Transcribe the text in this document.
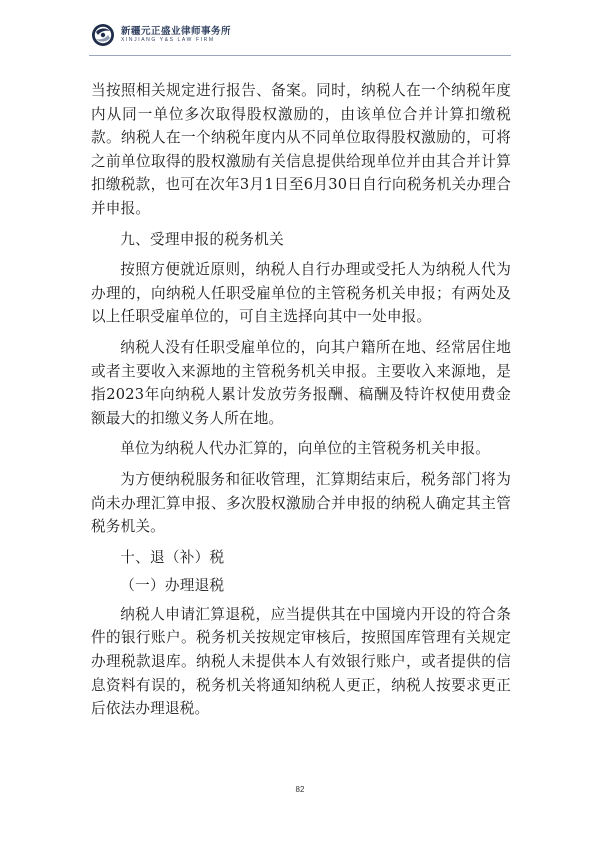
新疆元正盛业律师事务所
XINJIANG Y&S LAW FIRM

当按照相关规定进行报告、备案。同时，纳税人在一个纳税年度内从同一单位多次取得股权激励的，由该单位合并计算扣缴税款。纳税人在一个纳税年度内从不同单位取得股权激励的，可将之前单位取得的股权激励有关信息提供给现单位并由其合并计算扣缴税款，也可在次年3月1日至6月30日自行向税务机关办理合并申报。

九、受理申报的税务机关

按照方便就近原则，纳税人自行办理或受托人为纳税人代为办理的，向纳税人任职受雇单位的主管税务机关申报；有两处及以上任职受雇单位的，可自主选择向其中一处申报。

纳税人没有任职受雇单位的，向其户籍所在地、经常居住地或者主要收入来源地的主管税务机关申报。主要收入来源地，是指2023年向纳税人累计发放劳务报酬、稿酬及特许权使用费金额最大的扣缴义务人所在地。

单位为纳税人代办汇算的，向单位的主管税务机关申报。

为方便纳税服务和征收管理，汇算期结束后，税务部门将为尚未办理汇算申报、多次股权激励合并申报的纳税人确定其主管税务机关。

十、退（补）税

（一）办理退税

纳税人申请汇算退税，应当提供其在中国境内开设的符合条件的银行账户。税务机关按规定审核后，按照国库管理有关规定办理税款退库。纳税人未提供本人有效银行账户，或者提供的信息资料有误的，税务机关将通知纳税人更正，纳税人按要求更正后依法办理退税。

82
